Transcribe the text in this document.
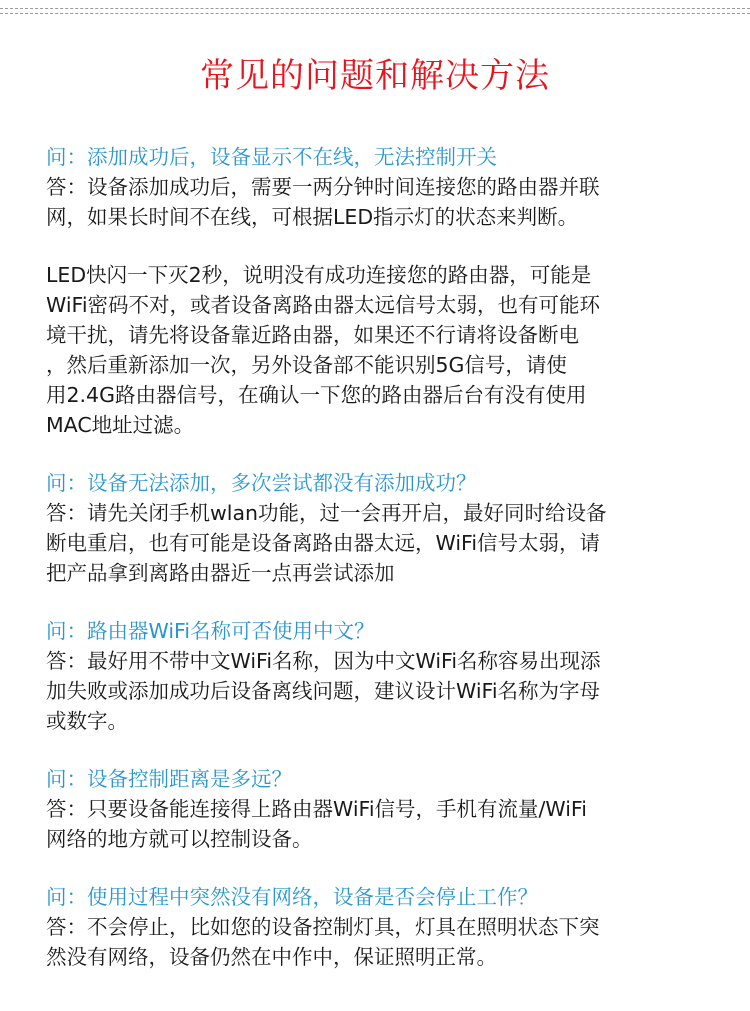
常见的问题和解决方法
问：添加成功后，设备显示不在线，无法控制开关
答：设备添加成功后，需要一两分钟时间连接您的路由器并联
网，如果长时间不在线，可根据LED指示灯的状态来判断。
LED快闪一下灭2秒，说明没有成功连接您的路由器，可能是
WiFi密码不对，或者设备离路由器太远信号太弱，也有可能环
境干扰，请先将设备靠近路由器，如果还不行请将设备断电
，然后重新添加一次，另外设备部不能识别5G信号，请使
用2.4G路由器信号，在确认一下您的路由器后台有没有使用
MAC地址过滤。
问：设备无法添加，多次尝试都没有添加成功？
答：请先关闭手机wlan功能，过一会再开启，最好同时给设备
断电重启，也有可能是设备离路由器太远，WiFi信号太弱，请
把产品拿到离路由器近一点再尝试添加
问：路由器WiFi名称可否使用中文？
答：最好用不带中文WiFi名称，因为中文WiFi名称容易出现添
加失败或添加成功后设备离线问题，建议设计WiFi名称为字母
或数字。
问：设备控制距离是多远？
答：只要设备能连接得上路由器WiFi信号，手机有流量/WiFi
网络的地方就可以控制设备。
问：使用过程中突然没有网络，设备是否会停止工作？
答：不会停止，比如您的设备控制灯具，灯具在照明状态下突
然没有网络，设备仍然在中作中，保证照明正常。
